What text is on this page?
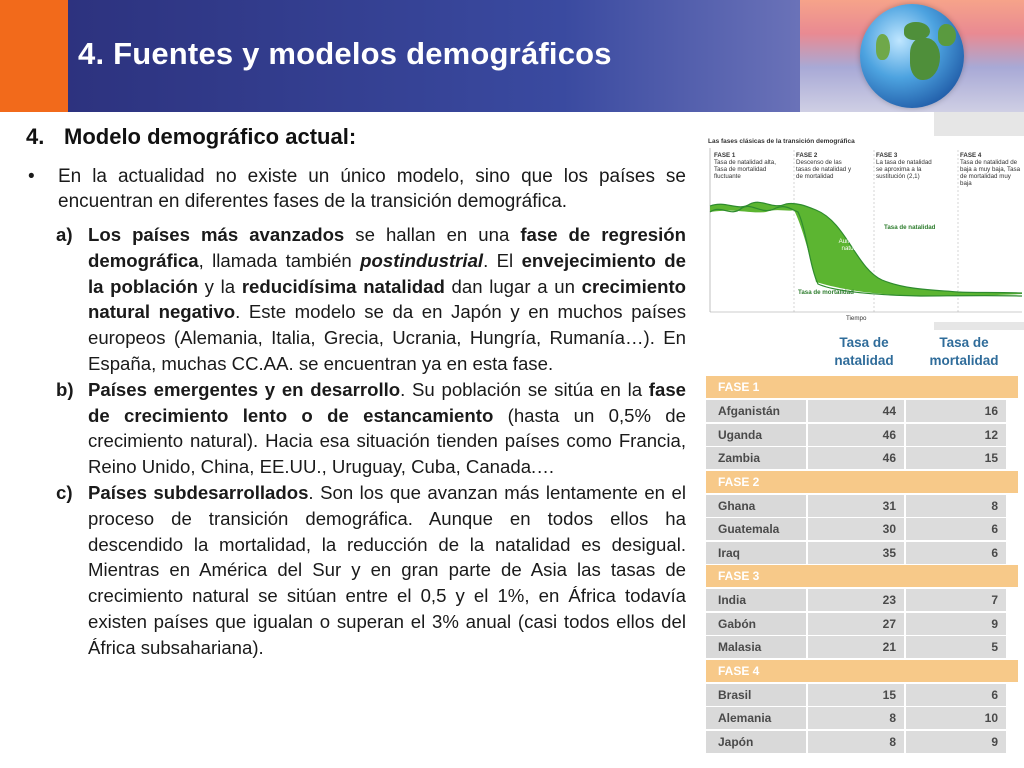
4. Fuentes y modelos demográficos
4. Modelo demográfico actual:
• En la actualidad no existe un único modelo, sino que los países se encuentran en diferentes fases de la transición demográfica.
a) Los países más avanzados se hallan en una fase de regresión demográfica, llamada también postindustrial. El envejecimiento de la población y la reducidísima natalidad dan lugar a un crecimiento natural negativo. Este modelo se da en Japón y en muchos países europeos (Alemania, Italia, Grecia, Ucrania, Hungría, Rumanía…). En España, muchas CC.AA. se encuentran ya en esta fase.
b) Países emergentes y en desarrollo. Su población se sitúa en la fase de crecimiento lento o de estancamiento (hasta un 0,5% de crecimiento natural). Hacia esa situación tienden países como Francia, Reino Unido, China, EE.UU., Uruguay, Cuba, Canada.…
c) Países subdesarrollados. Son los que avanzan más lentamente en el proceso de transición demográfica. Aunque en todos ellos ha descendido la mortalidad, la reducción de la natalidad es desigual. Mientras en América del Sur y en gran parte de Asia las tasas de crecimiento natural se sitúan entre el 0,5 y el 1%, en África todavía existen países que igualan o superan el 3% anual (casi todos ellos del África subsahariana).
Las fases clásicas de la transición demográfica
FASE 1
Tasa de natalidad alta, Tasa de mortalidad fluctuante
FASE 2
Descenso de las tasas de natalidad y de mortalidad
FASE 3
La tasa de natalidad se aproxima a la sustitución (2,1)
FASE 4
Tasa de natalidad de baja a muy baja, Tasa de mortalidad muy baja
Tasa de natalidad
Aumento natural
Tasa de mortalidad
Tiempo
Tasa de natalidad
Tasa de mortalidad
FASE 1
Afganistán	44	16
Uganda	46	12
Zambia	46	15
FASE 2
Ghana	31	8
Guatemala	30	6
Iraq	35	6
FASE 3
India	23	7
Gabón	27	9
Malasia	21	5
FASE 4
Brasil	15	6
Alemania	8	10
Japón	8	9
